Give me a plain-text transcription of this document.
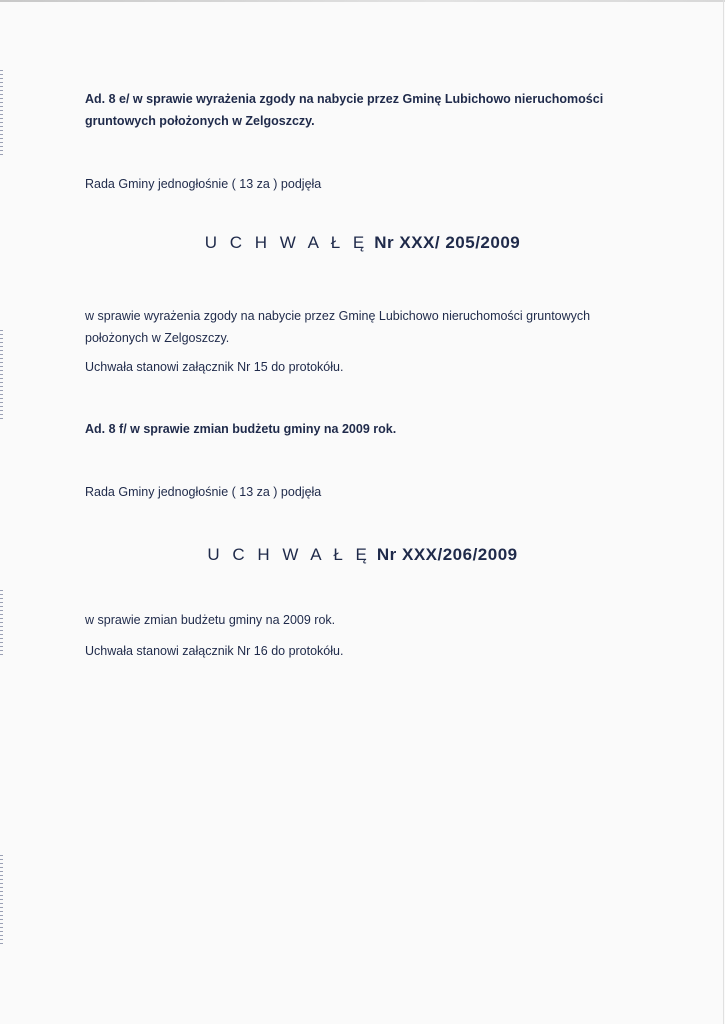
Ad. 8 e/ w sprawie wyrażenia zgody na nabycie przez Gminę Lubichowo nieruchomości gruntowych położonych w Zelgoszczy.
Rada Gminy jednogłośnie ( 13 za ) podjęła
U C H W A Ł Ę Nr XXX/ 205/2009
w sprawie wyrażenia zgody na nabycie przez Gminę Lubichowo nieruchomości gruntowych położonych w Zelgoszczy.
Uchwała stanowi załącznik Nr 15 do protokółu.
Ad. 8 f/ w sprawie zmian budżetu gminy na 2009 rok.
Rada Gminy jednogłośnie ( 13 za ) podjęła
U C H W A Ł Ę Nr XXX/206/2009
w sprawie zmian budżetu gminy na 2009 rok.
Uchwała stanowi załącznik Nr 16 do protokółu.
